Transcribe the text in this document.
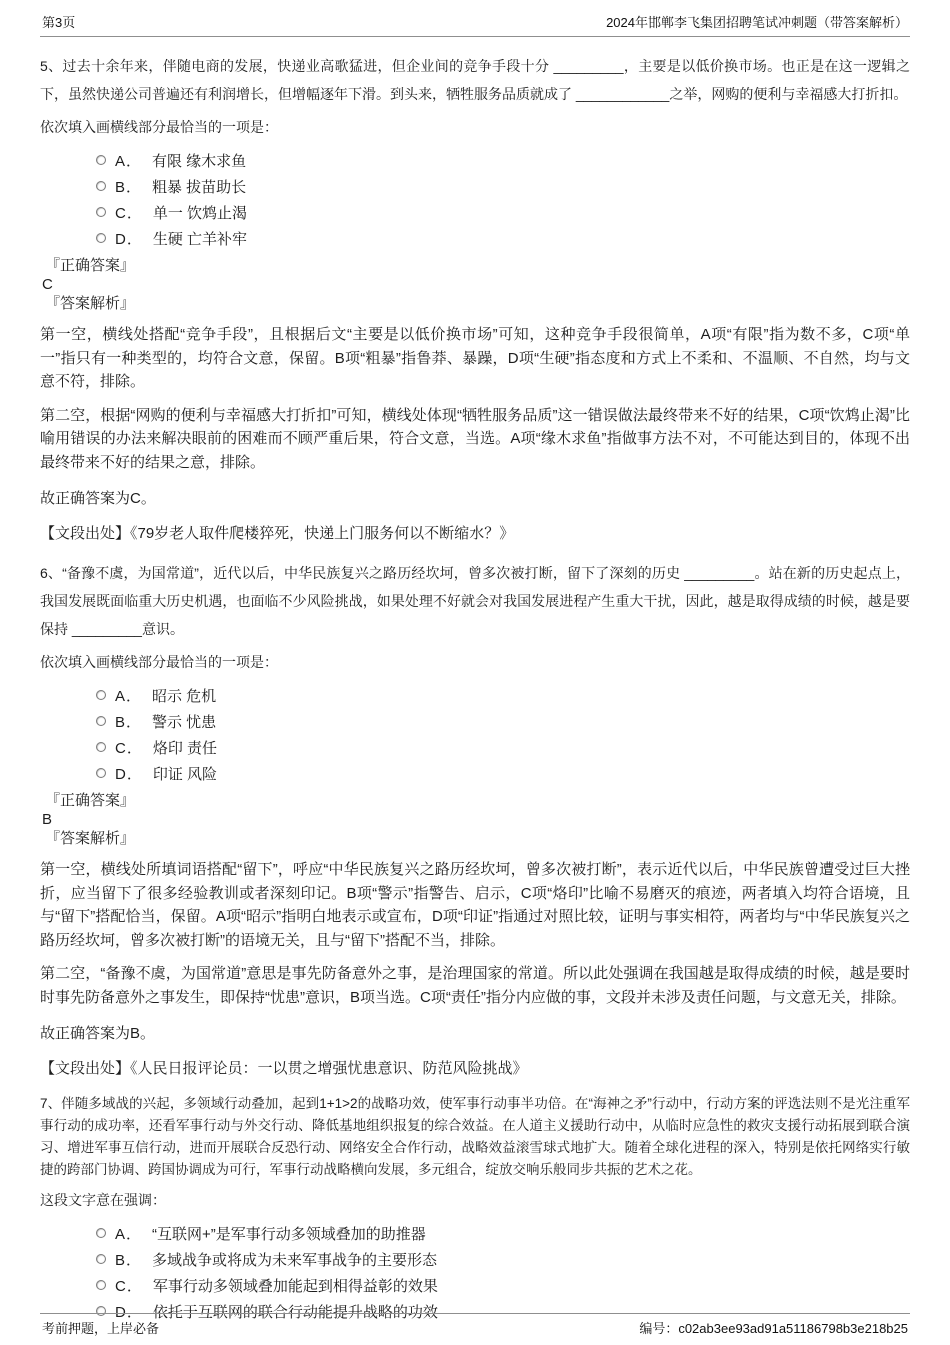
第3页	2024年邯郸李飞集团招聘笔试冲刺题（带答案解析）

5、过去十余年来，伴随电商的发展，快递业高歌猛进，但企业间的竞争手段十分 _________，主要是以低价换市场。也正是在这一逻辑之下，虽然快递公司普遍还有利润增长，但增幅逐年下滑。到头来，牺牲服务品质就成了 ____________之举，网购的便利与幸福感大打折扣。

依次填入画横线部分最恰当的一项是：

A． 有限 缘木求鱼
B． 粗暴 拔苗助长
C． 单一 饮鸩止渴
D． 生硬 亡羊补牢

『正确答案』

C

『答案解析』

第一空，横线处搭配“竞争手段”，且根据后文“主要是以低价换市场”可知，这种竞争手段很简单，A项“有限”指为数不多，C项“单一”指只有一种类型的，均符合文意，保留。B项“粗暴”指鲁莽、暴躁，D项“生硬”指态度和方式上不柔和、不温顺、不自然，均与文意不符，排除。

第二空，根据“网购的便利与幸福感大打折扣”可知，横线处体现“牺牲服务品质”这一错误做法最终带来不好的结果，C项“饮鸩止渴”比喻用错误的办法来解决眼前的困难而不顾严重后果，符合文意，当选。A项“缘木求鱼”指做事方法不对，不可能达到目的，体现不出最终带来不好的结果之意，排除。

故正确答案为C。

【文段出处】《79岁老人取件爬楼猝死，快递上门服务何以不断缩水？》

6、“备豫不虞，为国常道”，近代以后，中华民族复兴之路历经坎坷，曾多次被打断，留下了深刻的历史 _________。站在新的历史起点上，我国发展既面临重大历史机遇，也面临不少风险挑战，如果处理不好就会对我国发展进程产生重大干扰，因此，越是取得成绩的时候，越是要保持 _________意识。

依次填入画横线部分最恰当的一项是：

A． 昭示 危机
B． 警示 忧患
C． 烙印 责任
D． 印证 风险

『正确答案』

B

『答案解析』

第一空，横线处所填词语搭配“留下”，呼应“中华民族复兴之路历经坎坷，曾多次被打断”，表示近代以后，中华民族曾遭受过巨大挫折，应当留下了很多经验教训或者深刻印记。B项“警示”指警告、启示，C项“烙印”比喻不易磨灭的痕迹，两者填入均符合语境，且与“留下”搭配恰当，保留。A项“昭示”指明白地表示或宣布，D项“印证”指通过对照比较，证明与事实相符，两者均与“中华民族复兴之路历经坎坷，曾多次被打断”的语境无关，且与“留下”搭配不当，排除。

第二空，“备豫不虞，为国常道”意思是事先防备意外之事，是治理国家的常道。所以此处强调在我国越是取得成绩的时候，越是要时时事先防备意外之事发生，即保持“忧患”意识，B项当选。C项“责任”指分内应做的事，文段并未涉及责任问题，与文意无关，排除。

故正确答案为B。

【文段出处】《人民日报评论员：一以贯之增强忧患意识、防范风险挑战》

7、伴随多域战的兴起，多领域行动叠加，起到1+1>2的战略功效，使军事行动事半功倍。在“海神之矛”行动中，行动方案的评选法则不是光注重军事行动的成功率，还看军事行动与外交行动、降低基地组织报复的综合效益。在人道主义援助行动中，从临时应急性的救灾支援行动拓展到联合演习、增进军事互信行动，进而开展联合反恐行动、网络安全合作行动，战略效益滚雪球式地扩大。随着全球化进程的深入，特别是依托网络实行敏捷的跨部门协调、跨国协调成为可行，军事行动战略横向发展，多元组合，绽放交响乐般同步共振的艺术之花。

这段文字意在强调：

A． “互联网+”是军事行动多领域叠加的助推器
B． 多域战争或将成为未来军事战争的主要形态
C． 军事行动多领域叠加能起到相得益彰的效果
D． 依托于互联网的联合行动能提升战略的功效
考前押题，上岸必备	编号：c02ab3ee93ad91a51186798b3e218b25
